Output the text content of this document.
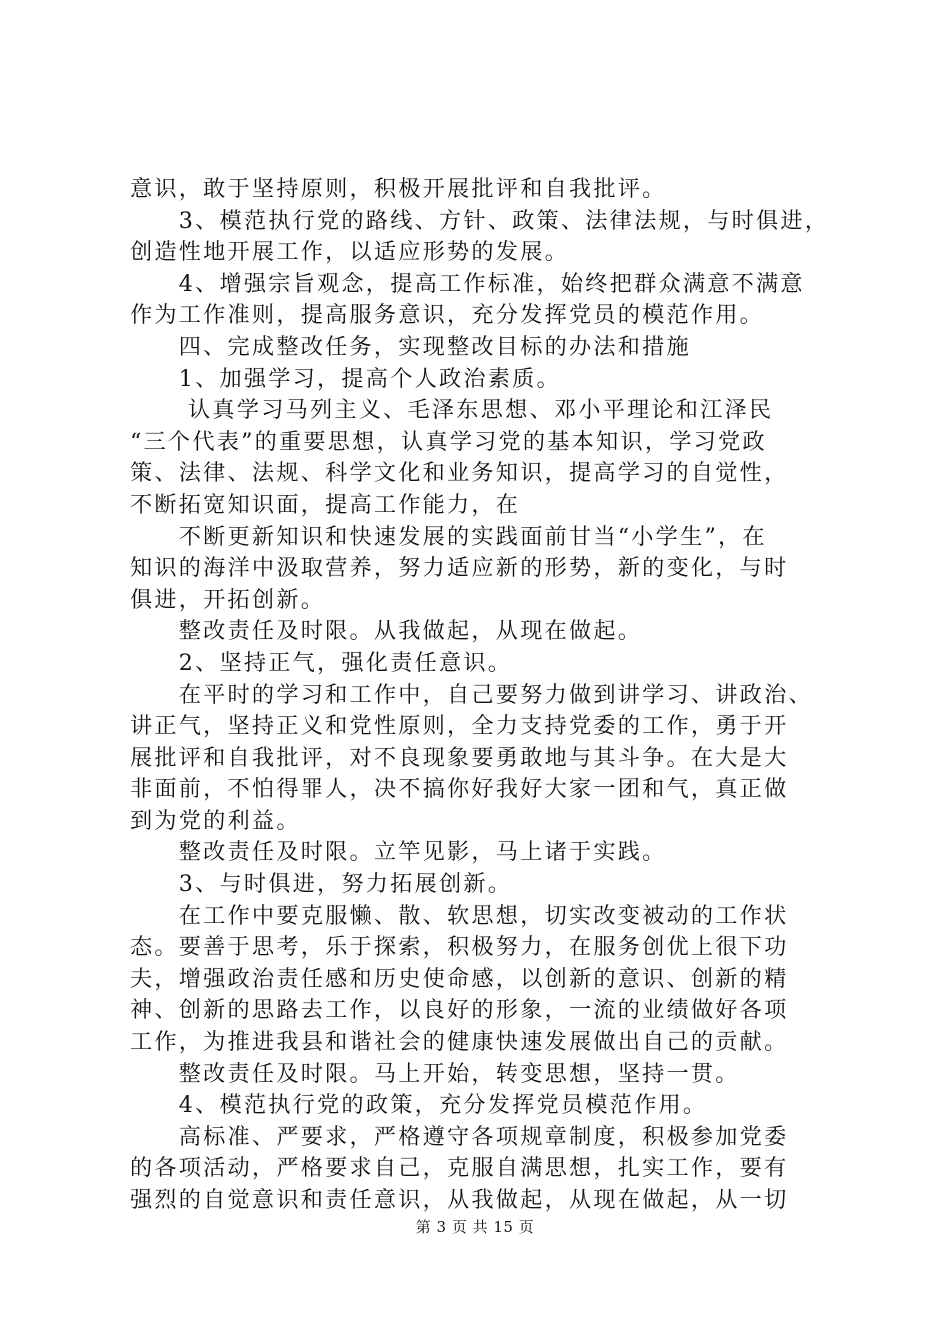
意识，敢于坚持原则，积极开展批评和自我批评。
　　3、模范执行党的路线、方针、政策、法律法规，与时俱进，
创造性地开展工作，以适应形势的发展。
　　4、增强宗旨观念，提高工作标准，始终把群众满意不满意
作为工作准则，提高服务意识，充分发挥党员的模范作用。
　　四、完成整改任务，实现整改目标的办法和措施
　　1、加强学习，提高个人政治素质。
　　 认真学习马列主义、毛泽东思想、邓小平理论和江泽民
“三个代表”的重要思想，认真学习党的基本知识，学习党政
策、法律、法规、科学文化和业务知识，提高学习的自觉性，
不断拓宽知识面，提高工作能力，在
　　不断更新知识和快速发展的实践面前甘当“小学生”，在
知识的海洋中汲取营养，努力适应新的形势，新的变化，与时
俱进，开拓创新。
　　整改责任及时限。从我做起，从现在做起。
　　2、坚持正气，强化责任意识。
　　在平时的学习和工作中，自己要努力做到讲学习、讲政治、
讲正气，坚持正义和党性原则，全力支持党委的工作，勇于开
展批评和自我批评，对不良现象要勇敢地与其斗争。在大是大
非面前，不怕得罪人，决不搞你好我好大家一团和气，真正做
到为党的利益。
　　整改责任及时限。立竿见影，马上诸于实践。
　　3、与时俱进，努力拓展创新。
　　在工作中要克服懒、散、软思想，切实改变被动的工作状
态。要善于思考，乐于探索，积极努力，在服务创优上很下功
夫，增强政治责任感和历史使命感，以创新的意识、创新的精
神、创新的思路去工作，以良好的形象，一流的业绩做好各项
工作，为推进我县和谐社会的健康快速发展做出自己的贡献。
　　整改责任及时限。马上开始，转变思想，坚持一贯。
　　4、模范执行党的政策，充分发挥党员模范作用。
　　高标准、严要求，严格遵守各项规章制度，积极参加党委
的各项活动，严格要求自己，克服自满思想，扎实工作，要有
强烈的自觉意识和责任意识，从我做起，从现在做起，从一切
第 3 页 共 15 页
